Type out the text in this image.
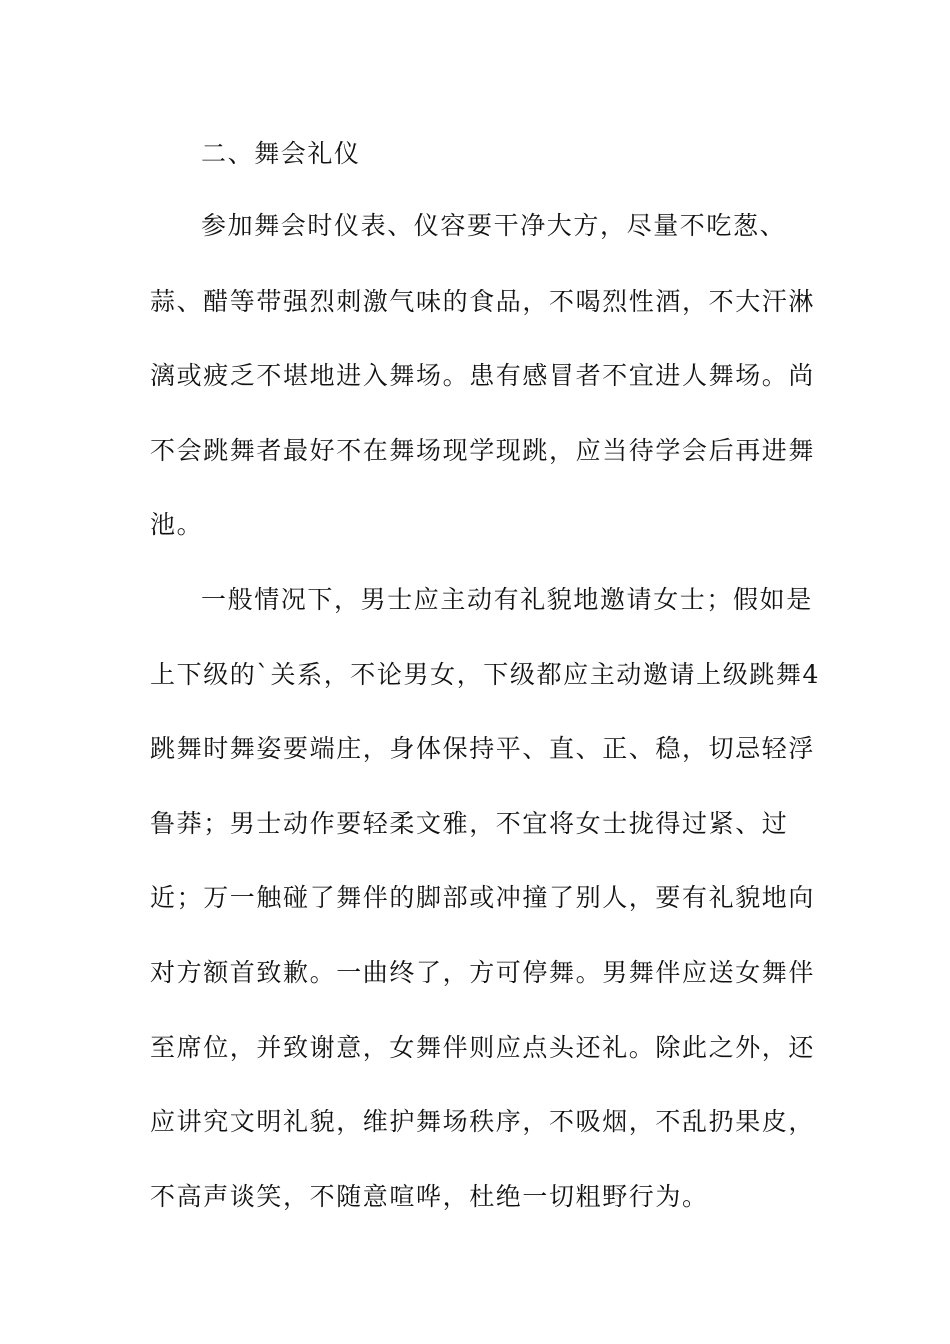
二、舞会礼仪
参加舞会时仪表、仪容要干净大方，尽量不吃葱、
蒜、醋等带强烈刺激气味的食品，不喝烈性酒，不大汗淋
漓或疲乏不堪地进入舞场。患有感冒者不宜进人舞场。尚
不会跳舞者最好不在舞场现学现跳，应当待学会后再进舞
池。
一般情况下，男士应主动有礼貌地邀请女士；假如是
上下级的`关系，不论男女，下级都应主动邀请上级跳舞4
跳舞时舞姿要端庄，身体保持平、直、正、稳，切忌轻浮
鲁莽；男士动作要轻柔文雅，不宜将女士拢得过紧、过
近；万一触碰了舞伴的脚部或冲撞了别人，要有礼貌地向
对方额首致歉。一曲终了，方可停舞。男舞伴应送女舞伴
至席位，并致谢意，女舞伴则应点头还礼。除此之外，还
应讲究文明礼貌，维护舞场秩序，不吸烟，不乱扔果皮，
不高声谈笑，不随意喧哗，杜绝一切粗野行为。
